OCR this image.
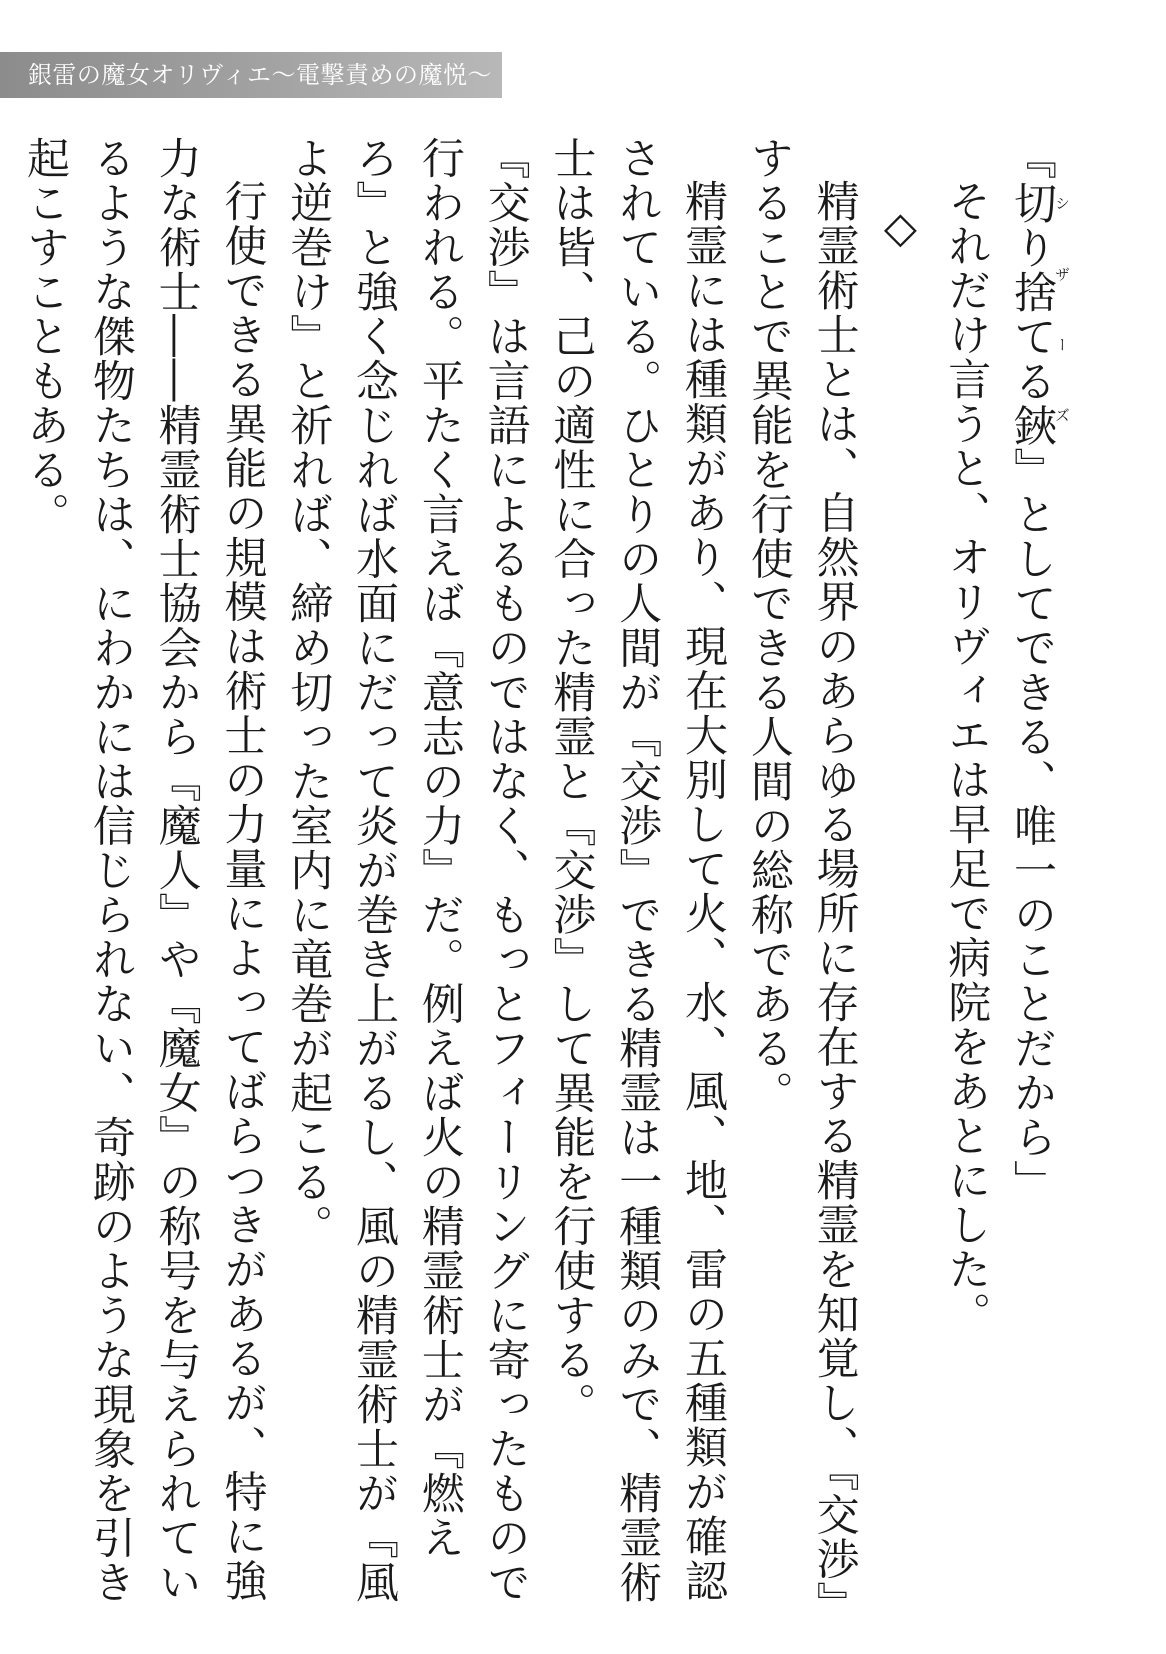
銀雷の魔女オリヴィエ〜電撃責めの魔悦〜

『切り捨てる鋏シザーズ』としてできる、唯一のことだから」

それだけ言うと、オリヴィエは早足で病院をあとにした。

◇

精霊術士とは、自然界のあらゆる場所に存在する精霊を知覚し、『交渉』することで異能を行使できる人間の総称である。

精霊には種類があり、現在大別して火、水、風、地、雷の五種類が確認されている。ひとりの人間が『交渉』できる精霊は一種類のみで、精霊術士は皆、己の適性に合った精霊と『交渉』して異能を行使する。

『交渉』は言語によるものではなく、もっとフィーリングに寄ったもので行われる。平たく言えば『意志の力』だ。例えば火の精霊術士が『燃えろ』と強く念じれば水面にだって炎が巻き上がるし、風の精霊術士が『風よ逆巻け』と祈れば、締め切った室内に竜巻が起こる。

行使できる異能の規模は術士の力量によってばらつきがあるが、特に強力な術士――精霊術士協会から『魔人』や『魔女』の称号を与えられているような傑物たちは、にわかには信じられない、奇跡のような現象を引き起こすこともある。
